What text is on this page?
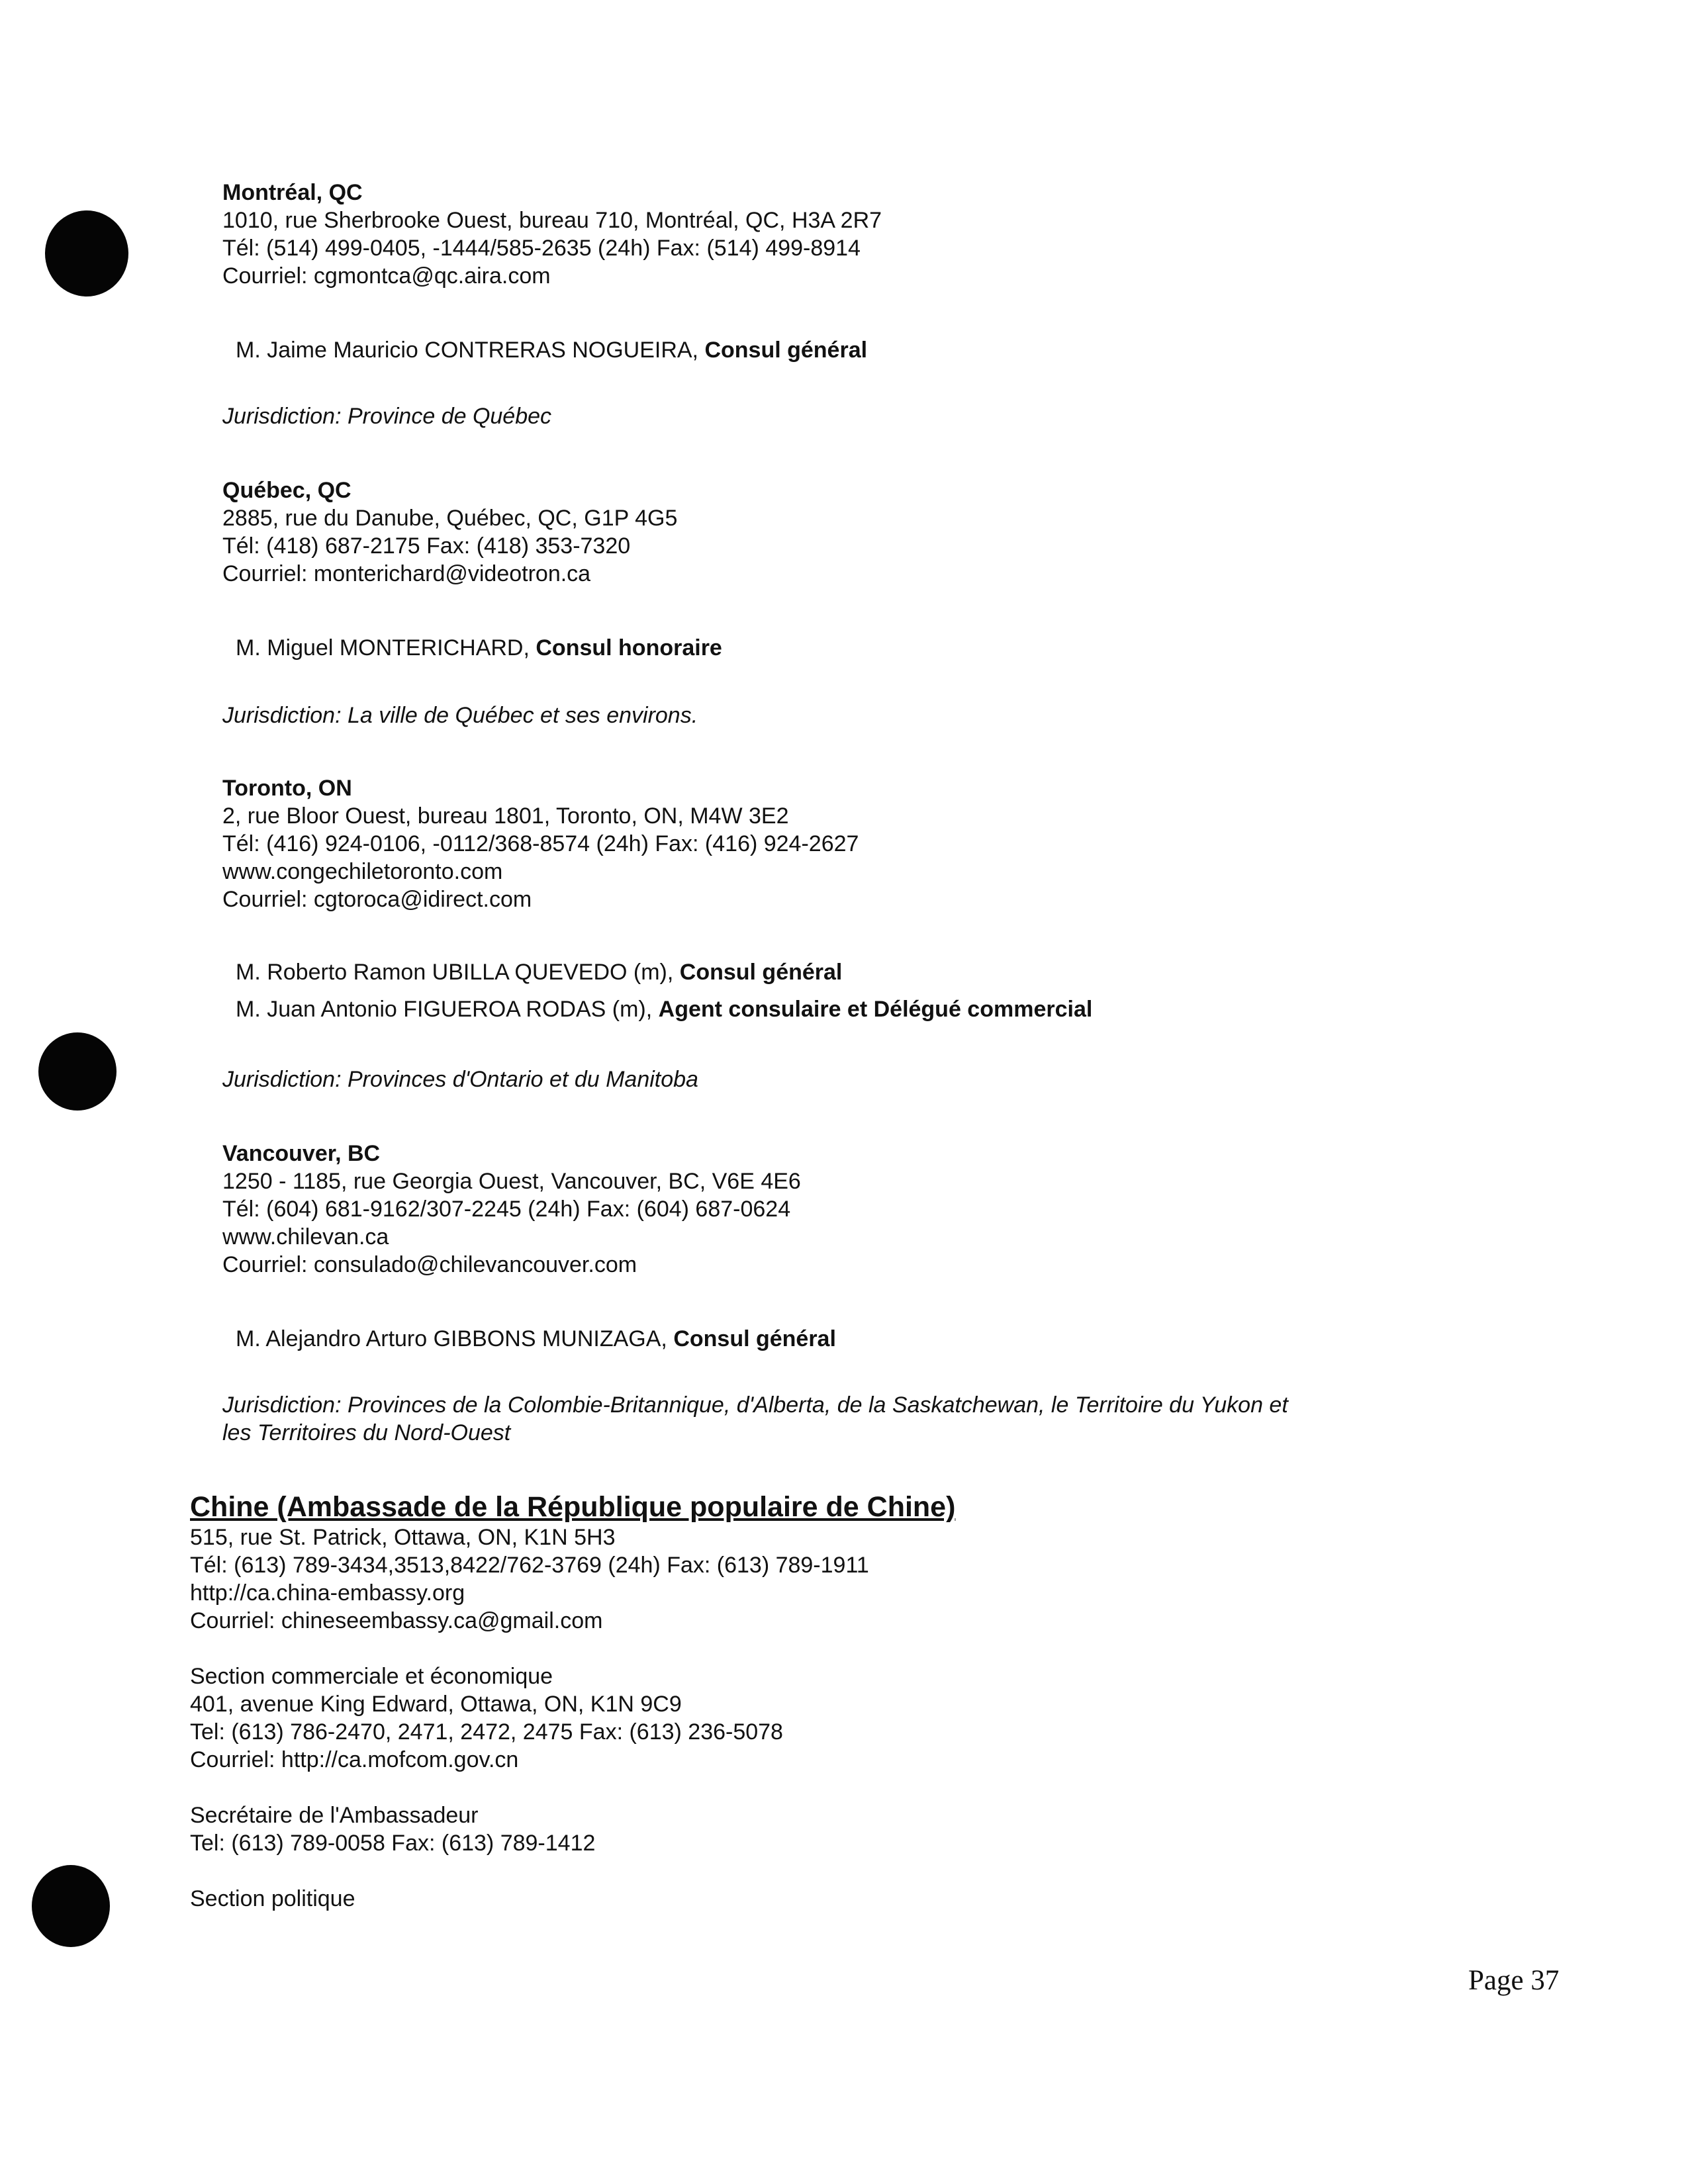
Montréal, QC
1010, rue Sherbrooke Ouest, bureau 710, Montréal, QC, H3A 2R7
Tél: (514) 499-0405, -1444/585-2635 (24h) Fax: (514) 499-8914
Courriel: cgmontca@qc.aira.com
M. Jaime Mauricio CONTRERAS NOGUEIRA, Consul général
Jurisdiction: Province de Québec
Québec, QC
2885, rue du Danube, Québec, QC, G1P 4G5
Tél: (418) 687-2175 Fax: (418) 353-7320
Courriel: monterichard@videotron.ca
M. Miguel MONTERICHARD, Consul honoraire
Jurisdiction: La ville de Québec et ses environs.
Toronto, ON
2, rue Bloor Ouest, bureau 1801, Toronto, ON, M4W 3E2
Tél: (416) 924-0106, -0112/368-8574 (24h) Fax: (416) 924-2627
www.congechiletoronto.com
Courriel: cgtoroca@idirect.com
M. Roberto Ramon UBILLA QUEVEDO (m), Consul général
M. Juan Antonio FIGUEROA RODAS (m), Agent consulaire et Délégué commercial
Jurisdiction: Provinces d'Ontario et du Manitoba
Vancouver, BC
1250 - 1185, rue Georgia Ouest, Vancouver, BC, V6E 4E6
Tél: (604) 681-9162/307-2245 (24h) Fax: (604) 687-0624
www.chilevan.ca
Courriel: consulado@chilevancouver.com
M. Alejandro Arturo GIBBONS MUNIZAGA, Consul général
Jurisdiction: Provinces de la Colombie-Britannique, d'Alberta, de la Saskatchewan, le Territoire du Yukon et
les Territoires du Nord-Ouest
Chine (Ambassade de la République populaire de Chine)
515, rue St. Patrick, Ottawa, ON, K1N 5H3
Tél: (613) 789-3434,3513,8422/762-3769 (24h) Fax: (613) 789-1911
http://ca.china-embassy.org
Courriel: chineseembassy.ca@gmail.com
Section commerciale et économique
401, avenue King Edward, Ottawa, ON, K1N 9C9
Tel: (613) 786-2470, 2471, 2472, 2475 Fax: (613) 236-5078
Courriel: http://ca.mofcom.gov.cn
Secrétaire de l'Ambassadeur
Tel: (613) 789-0058 Fax: (613) 789-1412
Section politique
Page 37
